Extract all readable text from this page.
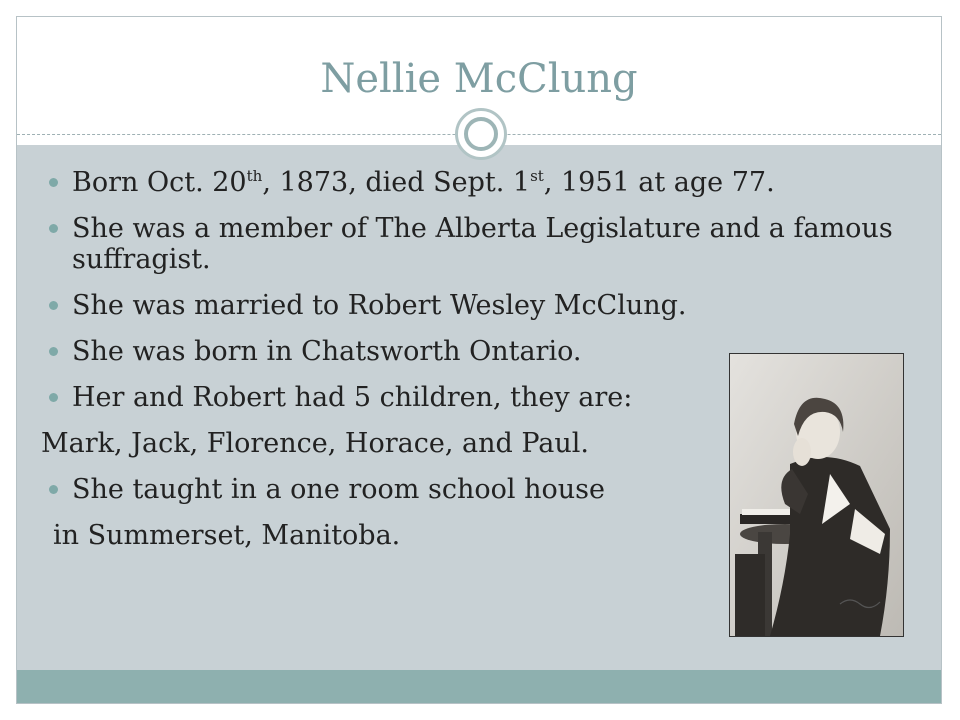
Nellie McClung
Born Oct. 20th, 1873, died Sept. 1st, 1951 at age 77.
She was a member of The Alberta Legislature and a famous suffragist.
She was married to Robert Wesley McClung.
She was born in Chatsworth Ontario.
Her and Robert had 5 children, they are:
Mark, Jack, Florence, Horace, and Paul.
She taught in a one room school house
in Summerset, Manitoba.
